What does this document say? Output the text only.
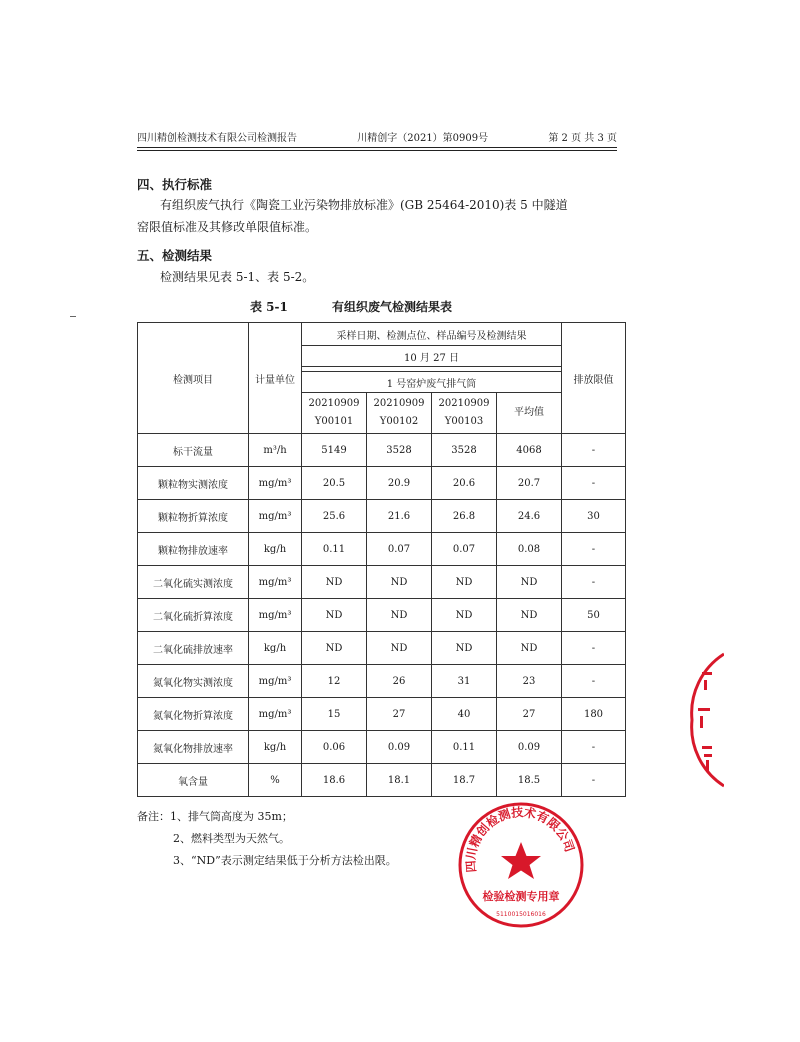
四川精创检测技术有限公司检测报告	川精创字（2021）第0909号	第 2 页 共 3 页
四、执行标准
有组织废气执行《陶瓷工业污染物排放标准》(GB 25464-2010)表 5 中隧道
窑限值标准及其修改单限值标准。
五、检测结果
检测结果见表 5-1、表 5-2。
表 5-1	有组织废气检测结果表
检测项目	计量单位	采样日期、检测点位、样品编号及检测结果				排放限值
		10 月 27 日				

		1 号窑炉废气排气筒				
		20210909 Y00101	20210909 Y00102	20210909 Y00103	平均值	
标干流量	m³/h	5149	3528	3528	4068	-
颗粒物实测浓度	mg/m³	20.5	20.9	20.6	20.7	-
颗粒物折算浓度	mg/m³	25.6	21.6	26.8	24.6	30
颗粒物排放速率	kg/h	0.11	0.07	0.07	0.08	-
二氧化硫实测浓度	mg/m³	ND	ND	ND	ND	-
二氧化硫折算浓度	mg/m³	ND	ND	ND	ND	50
二氧化硫排放速率	kg/h	ND	ND	ND	ND	-
氮氧化物实测浓度	mg/m³	12	26	31	23	-
氮氧化物折算浓度	mg/m³	15	27	40	27	180
氮氧化物排放速率	kg/h	0.06	0.09	0.11	0.09	-
氧含量	%	18.6	18.1	18.7	18.5	-
备注：1、排气筒高度为 35m；
2、燃料类型为天然气。
3、“ND”表示测定结果低于分析方法检出限。	四川精创检测技术有限公司
检验检测专用章
5110015016016
